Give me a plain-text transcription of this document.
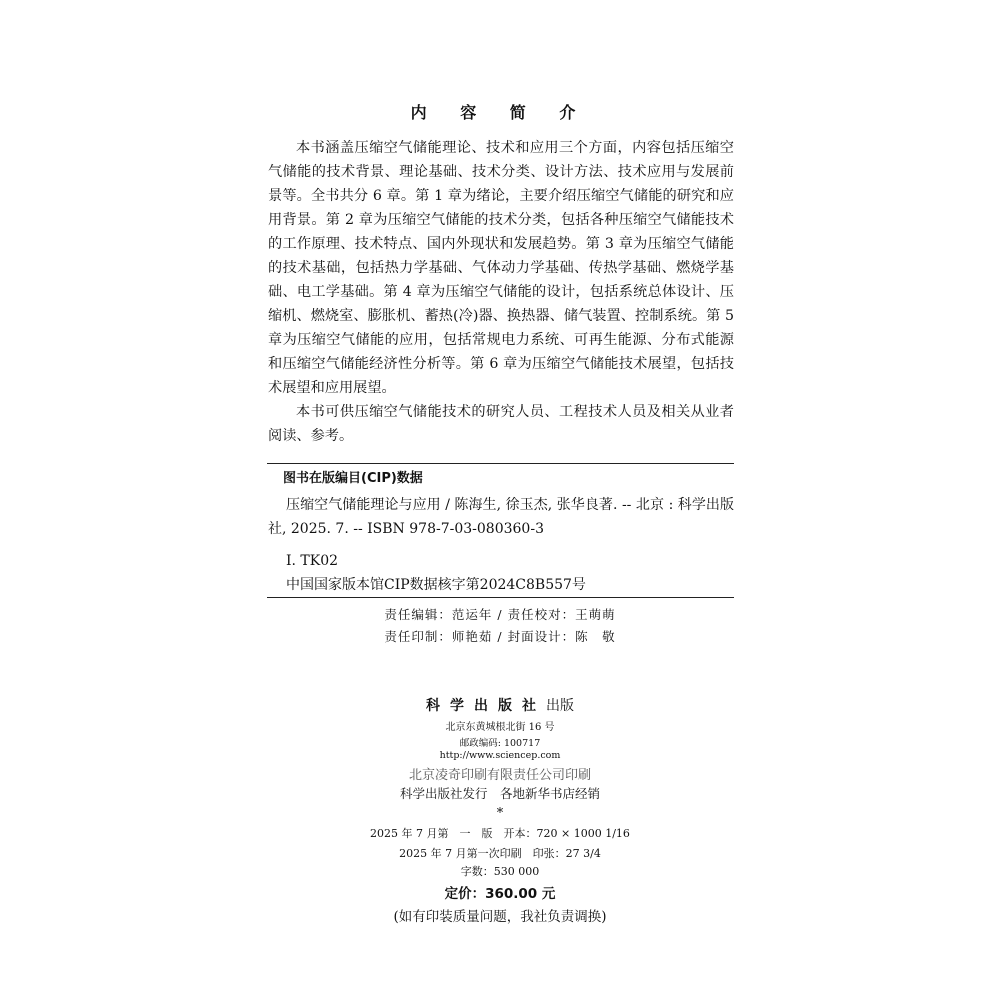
内 容 简 介

本书涵盖压缩空气储能理论、技术和应用三个方面，内容包括压缩空气储能的技术背景、理论基础、技术分类、设计方法、技术应用与发展前景等。全书共分 6 章。第 1 章为绪论，主要介绍压缩空气储能的研究和应用背景。第 2 章为压缩空气储能的技术分类，包括各种压缩空气储能技术的工作原理、技术特点、国内外现状和发展趋势。第 3 章为压缩空气储能的技术基础，包括热力学基础、气体动力学基础、传热学基础、燃烧学基础、电工学基础。第 4 章为压缩空气储能的设计，包括系统总体设计、压缩机、燃烧室、膨胀机、蓄热(冷)器、换热器、储气装置、控制系统。第 5 章为压缩空气储能的应用，包括常规电力系统、可再生能源、分布式能源和压缩空气储能经济性分析等。第 6 章为压缩空气储能技术展望，包括技术展望和应用展望。

本书可供压缩空气储能技术的研究人员、工程技术人员及相关从业者阅读、参考。

图书在版编目(CIP)数据

压缩空气储能理论与应用 / 陈海生, 徐玉杰, 张华良著. -- 北京 : 科学出版社, 2025. 7. -- ISBN 978-7-03-080360-3

Ⅰ. TK02

中国国家版本馆CIP数据核字第2024C8B557号

责任编辑：范运年 / 责任校对：王萌萌
责任印制：师艳茹 / 封面设计：陈　敬
科学出版社出版
北京东黄城根北街 16 号
邮政编码: 100717
http://www.sciencep.com
北京凌奇印刷有限责任公司印刷
科学出版社发行　各地新华书店经销
*
2025 年 7 月第　一　版　开本：720 × 1000 1/16
2025 年 7 月第一次印刷　印张：27 3/4
字数：530 000
定价：360.00 元
(如有印装质量问题，我社负责调换)
